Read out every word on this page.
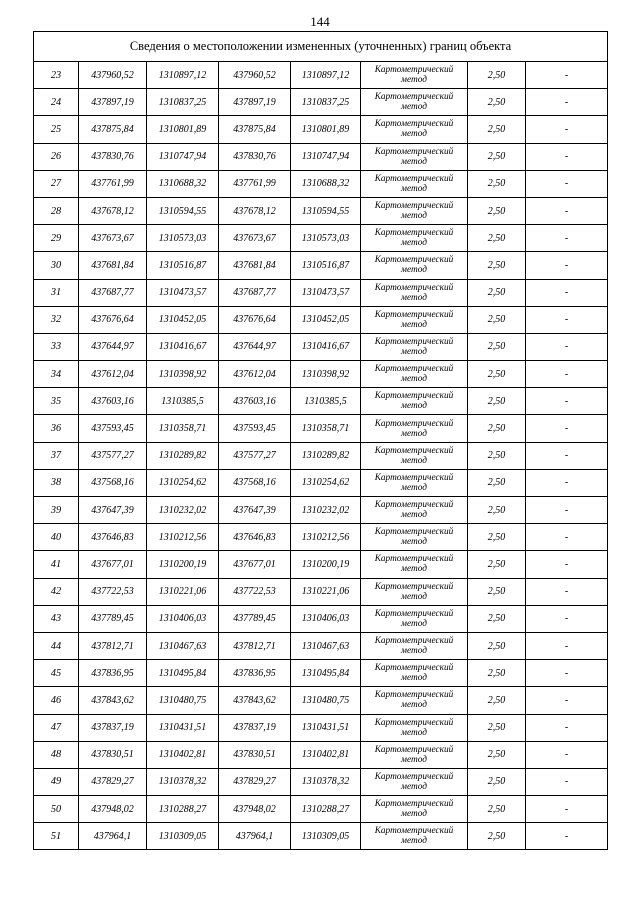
144
Сведения о местоположении измененных (уточненных) границ объекта							
23	437960,52	1310897,12	437960,52	1310897,12	Картометрический метод	2,50	-
24	437897,19	1310837,25	437897,19	1310837,25	Картометрический метод	2,50	-
25	437875,84	1310801,89	437875,84	1310801,89	Картометрический метод	2,50	-
26	437830,76	1310747,94	437830,76	1310747,94	Картометрический метод	2,50	-
27	437761,99	1310688,32	437761,99	1310688,32	Картометрический метод	2,50	-
28	437678,12	1310594,55	437678,12	1310594,55	Картометрический метод	2,50	-
29	437673,67	1310573,03	437673,67	1310573,03	Картометрический метод	2,50	-
30	437681,84	1310516,87	437681,84	1310516,87	Картометрический метод	2,50	-
31	437687,77	1310473,57	437687,77	1310473,57	Картометрический метод	2,50	-
32	437676,64	1310452,05	437676,64	1310452,05	Картометрический метод	2,50	-
33	437644,97	1310416,67	437644,97	1310416,67	Картометрический метод	2,50	-
34	437612,04	1310398,92	437612,04	1310398,92	Картометрический метод	2,50	-
35	437603,16	1310385,5	437603,16	1310385,5	Картометрический метод	2,50	-
36	437593,45	1310358,71	437593,45	1310358,71	Картометрический метод	2,50	-
37	437577,27	1310289,82	437577,27	1310289,82	Картометрический метод	2,50	-
38	437568,16	1310254,62	437568,16	1310254,62	Картометрический метод	2,50	-
39	437647,39	1310232,02	437647,39	1310232,02	Картометрический метод	2,50	-
40	437646,83	1310212,56	437646,83	1310212,56	Картометрический метод	2,50	-
41	437677,01	1310200,19	437677,01	1310200,19	Картометрический метод	2,50	-
42	437722,53	1310221,06	437722,53	1310221,06	Картометрический метод	2,50	-
43	437789,45	1310406,03	437789,45	1310406,03	Картометрический метод	2,50	-
44	437812,71	1310467,63	437812,71	1310467,63	Картометрический метод	2,50	-
45	437836,95	1310495,84	437836,95	1310495,84	Картометрический метод	2,50	-
46	437843,62	1310480,75	437843,62	1310480,75	Картометрический метод	2,50	-
47	437837,19	1310431,51	437837,19	1310431,51	Картометрический метод	2,50	-
48	437830,51	1310402,81	437830,51	1310402,81	Картометрический метод	2,50	-
49	437829,27	1310378,32	437829,27	1310378,32	Картометрический метод	2,50	-
50	437948,02	1310288,27	437948,02	1310288,27	Картометрический метод	2,50	-
51	437964,1	1310309,05	437964,1	1310309,05	Картометрический метод	2,50	-
